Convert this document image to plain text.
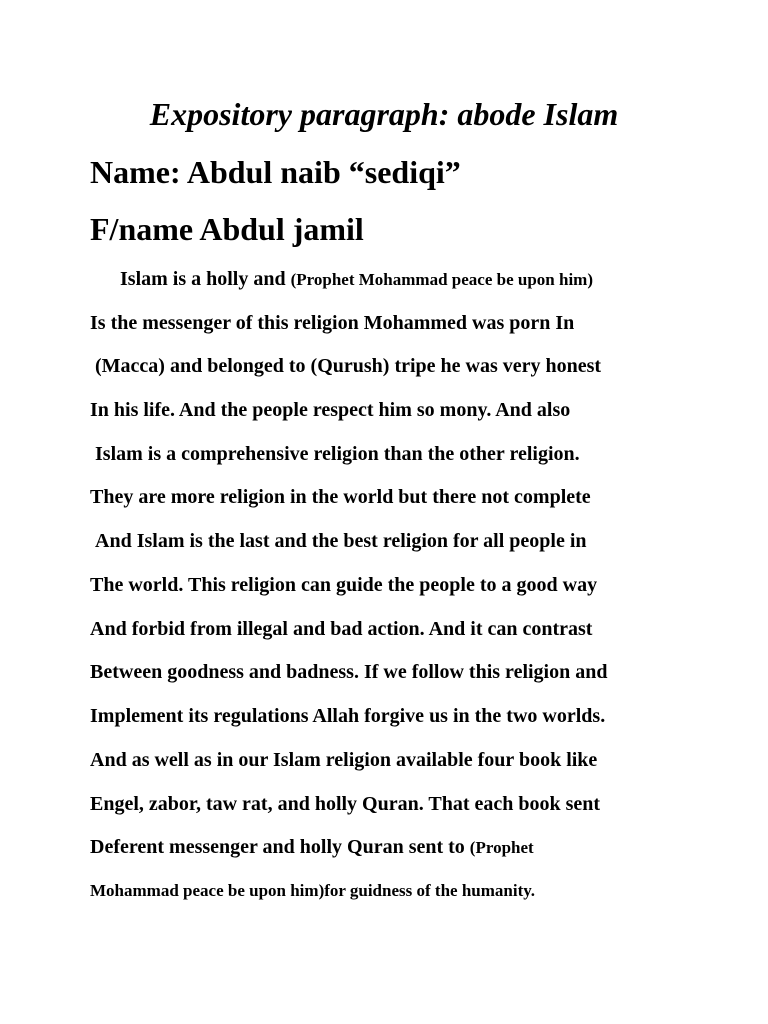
Expository paragraph: abode Islam
Name: Abdul naib “sediqi”
F/name Abdul jamil
Islam is a holly and (Prophet Mohammad peace be upon him)
Is the messenger of this religion Mohammed was porn In
(Macca) and belonged to (Qurush) tripe he was very honest
In his life. And the people respect him so mony. And also
Islam is a comprehensive religion than the other religion.
They are more religion in the world but there not complete
And Islam is the last and the best religion for all people in
The world. This religion can guide the people to a good way
And forbid from illegal and bad action. And it can contrast
Between goodness and badness. If we follow this religion and
Implement its regulations Allah forgive us in the two worlds.
And as well as in our Islam religion available four book like
Engel, zabor, taw rat, and holly Quran. That each book sent
Deferent messenger and holly Quran sent to (Prophet
Mohammad peace be upon him)for guidness of the humanity.
